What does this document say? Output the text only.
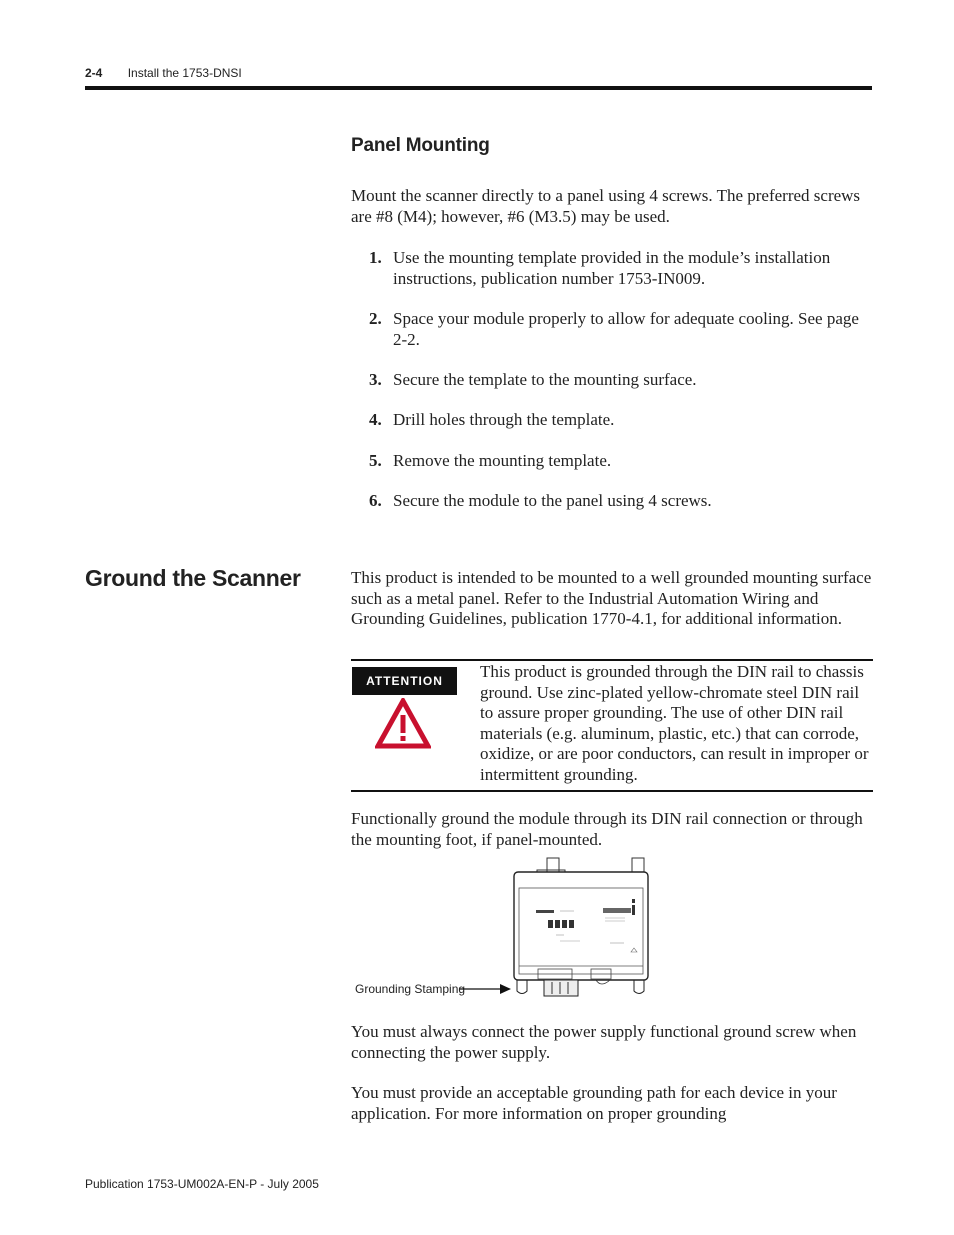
2-4 Install the 1753-DNSI
Panel Mounting

Mount the scanner directly to a panel using 4 screws. The preferred screws are #8 (M4); however, #6 (M3.5) may be used.

1. Use the mounting template provided in the module’s installation instructions, publication number 1753-IN009.
2. Space your module properly to allow for adequate cooling. See page 2-2.
3. Secure the template to the mounting surface.
4. Drill holes through the template.
5. Remove the mounting template.
6. Secure the module to the panel using 4 screws.
Ground the Scanner	This product is intended to be mounted to a well grounded mounting surface such as a metal panel. Refer to the Industrial Automation Wiring and Grounding Guidelines, publication 1770-4.1, for additional information.

ATTENTION	This product is grounded through the DIN rail to chassis ground. Use zinc-plated yellow-chromate steel DIN rail to assure proper grounding. The use of other DIN rail materials (e.g. aluminum, plastic, etc.) that can corrode, oxidize, or are poor conductors, can result in improper or intermittent grounding.

Functionally ground the module through its DIN rail connection or through the mounting foot, if panel-mounted.

Grounding Stamping

You must always connect the power supply functional ground screw when connecting the power supply.

You must provide an acceptable grounding path for each device in your application. For more information on proper grounding

Publication 1753-UM002A-EN-P - July 2005
